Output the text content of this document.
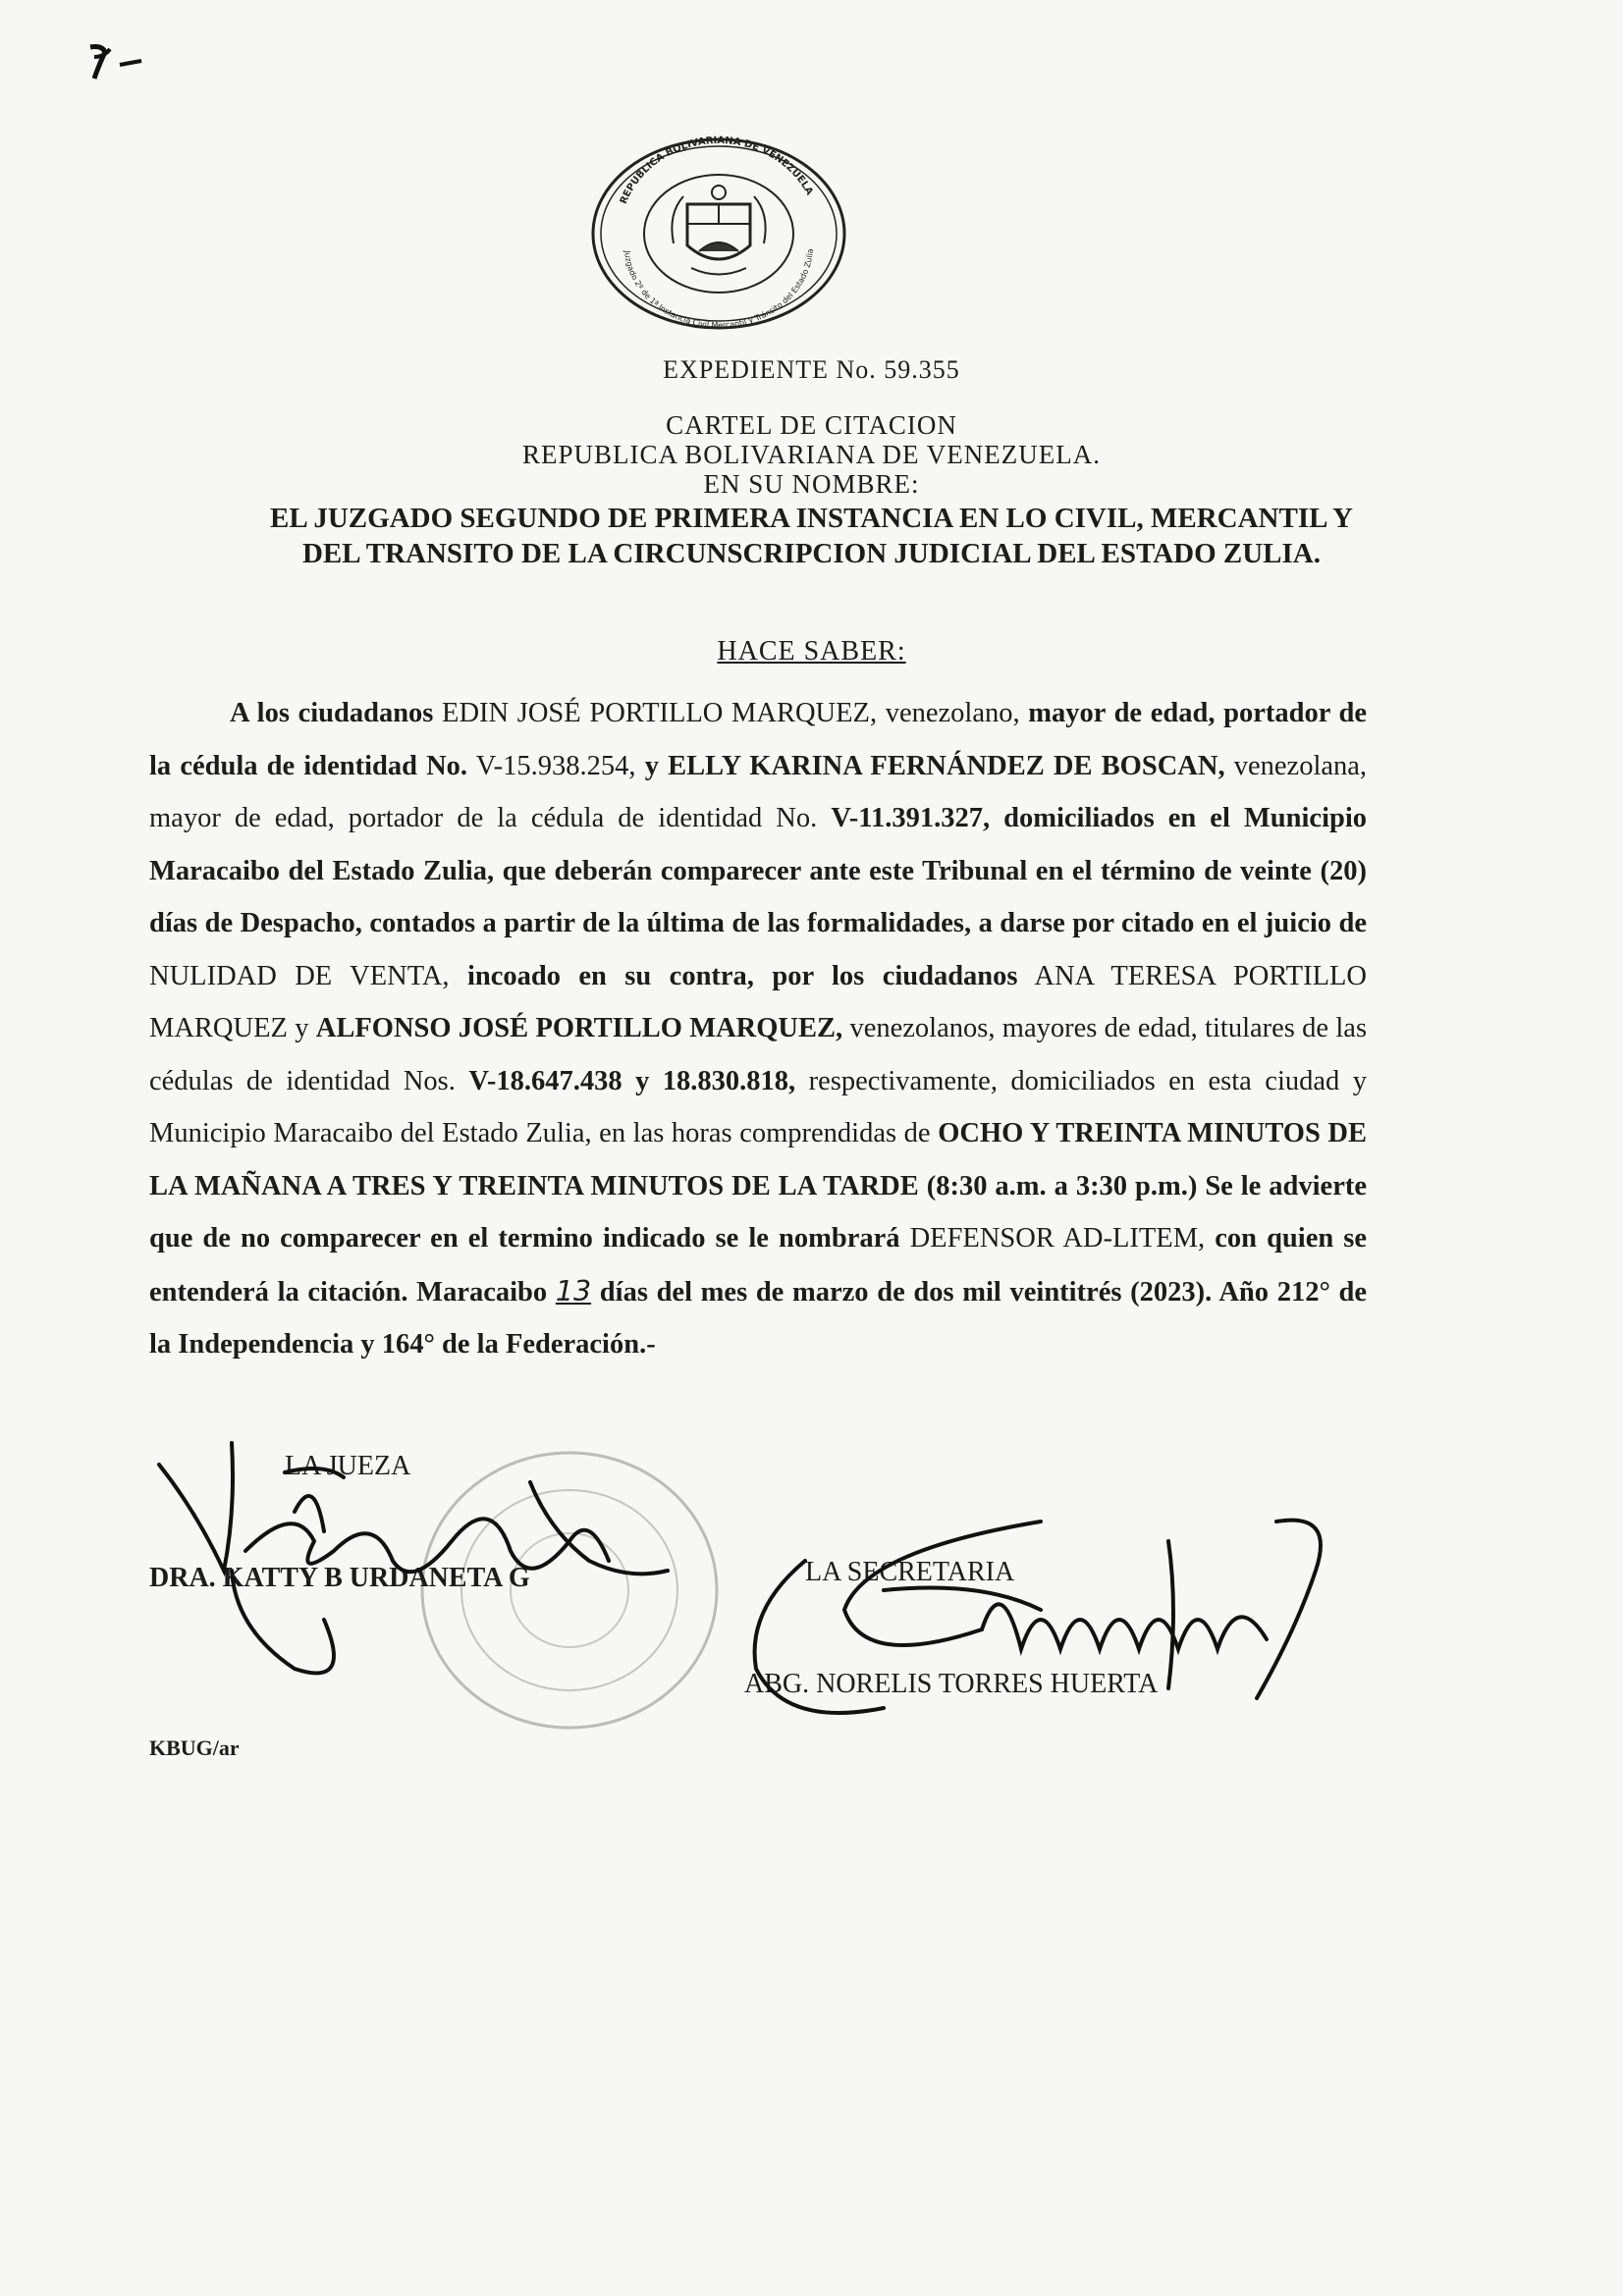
REPUBLICA BOLIVARIANA DE VENEZUELA
Juzgado 2º de 1ª Instancia Civil Mercantil y Tránsito del Estado Zulia
EXPEDIENTE No. 59.355
CARTEL DE CITACION
REPUBLICA BOLIVARIANA DE VENEZUELA.
EN SU NOMBRE:
EL JUZGADO SEGUNDO DE PRIMERA INSTANCIA EN LO CIVIL, MERCANTIL Y
DEL TRANSITO DE LA CIRCUNSCRIPCION JUDICIAL DEL ESTADO ZULIA.
HACE SABER:

A los ciudadanos EDIN JOSÉ PORTILLO MARQUEZ, venezolano, mayor de edad, portador de la cédula de identidad No. V-15.938.254, y ELLY KARINA FERNÁNDEZ DE BOSCAN, venezolana, mayor de edad, portador de la cédula de identidad No. V-11.391.327, domiciliados en el Municipio Maracaibo del Estado Zulia, que deberán comparecer ante este Tribunal en el término de veinte (20) días de Despacho, contados a partir de la última de las formalidades, a darse por citado en el juicio de NULIDAD DE VENTA, incoado en su contra, por los ciudadanos ANA TERESA PORTILLO MARQUEZ y ALFONSO JOSÉ PORTILLO MARQUEZ, venezolanos, mayores de edad, titulares de las cédulas de identidad Nos. V-18.647.438 y 18.830.818, respectivamente, domiciliados en esta ciudad y Municipio Maracaibo del Estado Zulia, en las horas comprendidas de OCHO Y TREINTA MINUTOS DE LA MAÑANA A TRES Y TREINTA MINUTOS DE LA TARDE (8:30 a.m. a 3:30 p.m.) Se le advierte que de no comparecer en el termino indicado se le nombrará DEFENSOR AD-LITEM, con quien se entenderá la citación. Maracaibo 13 días del mes de marzo de dos mil veintitrés (2023). Año 212° de la Independencia y 164° de la Federación.-

LA JUEZA
DRA. KATTY B URDANETA G	LA SECRETARIA
ABG. NORELIS TORRES HUERTA
KBUG/ar
